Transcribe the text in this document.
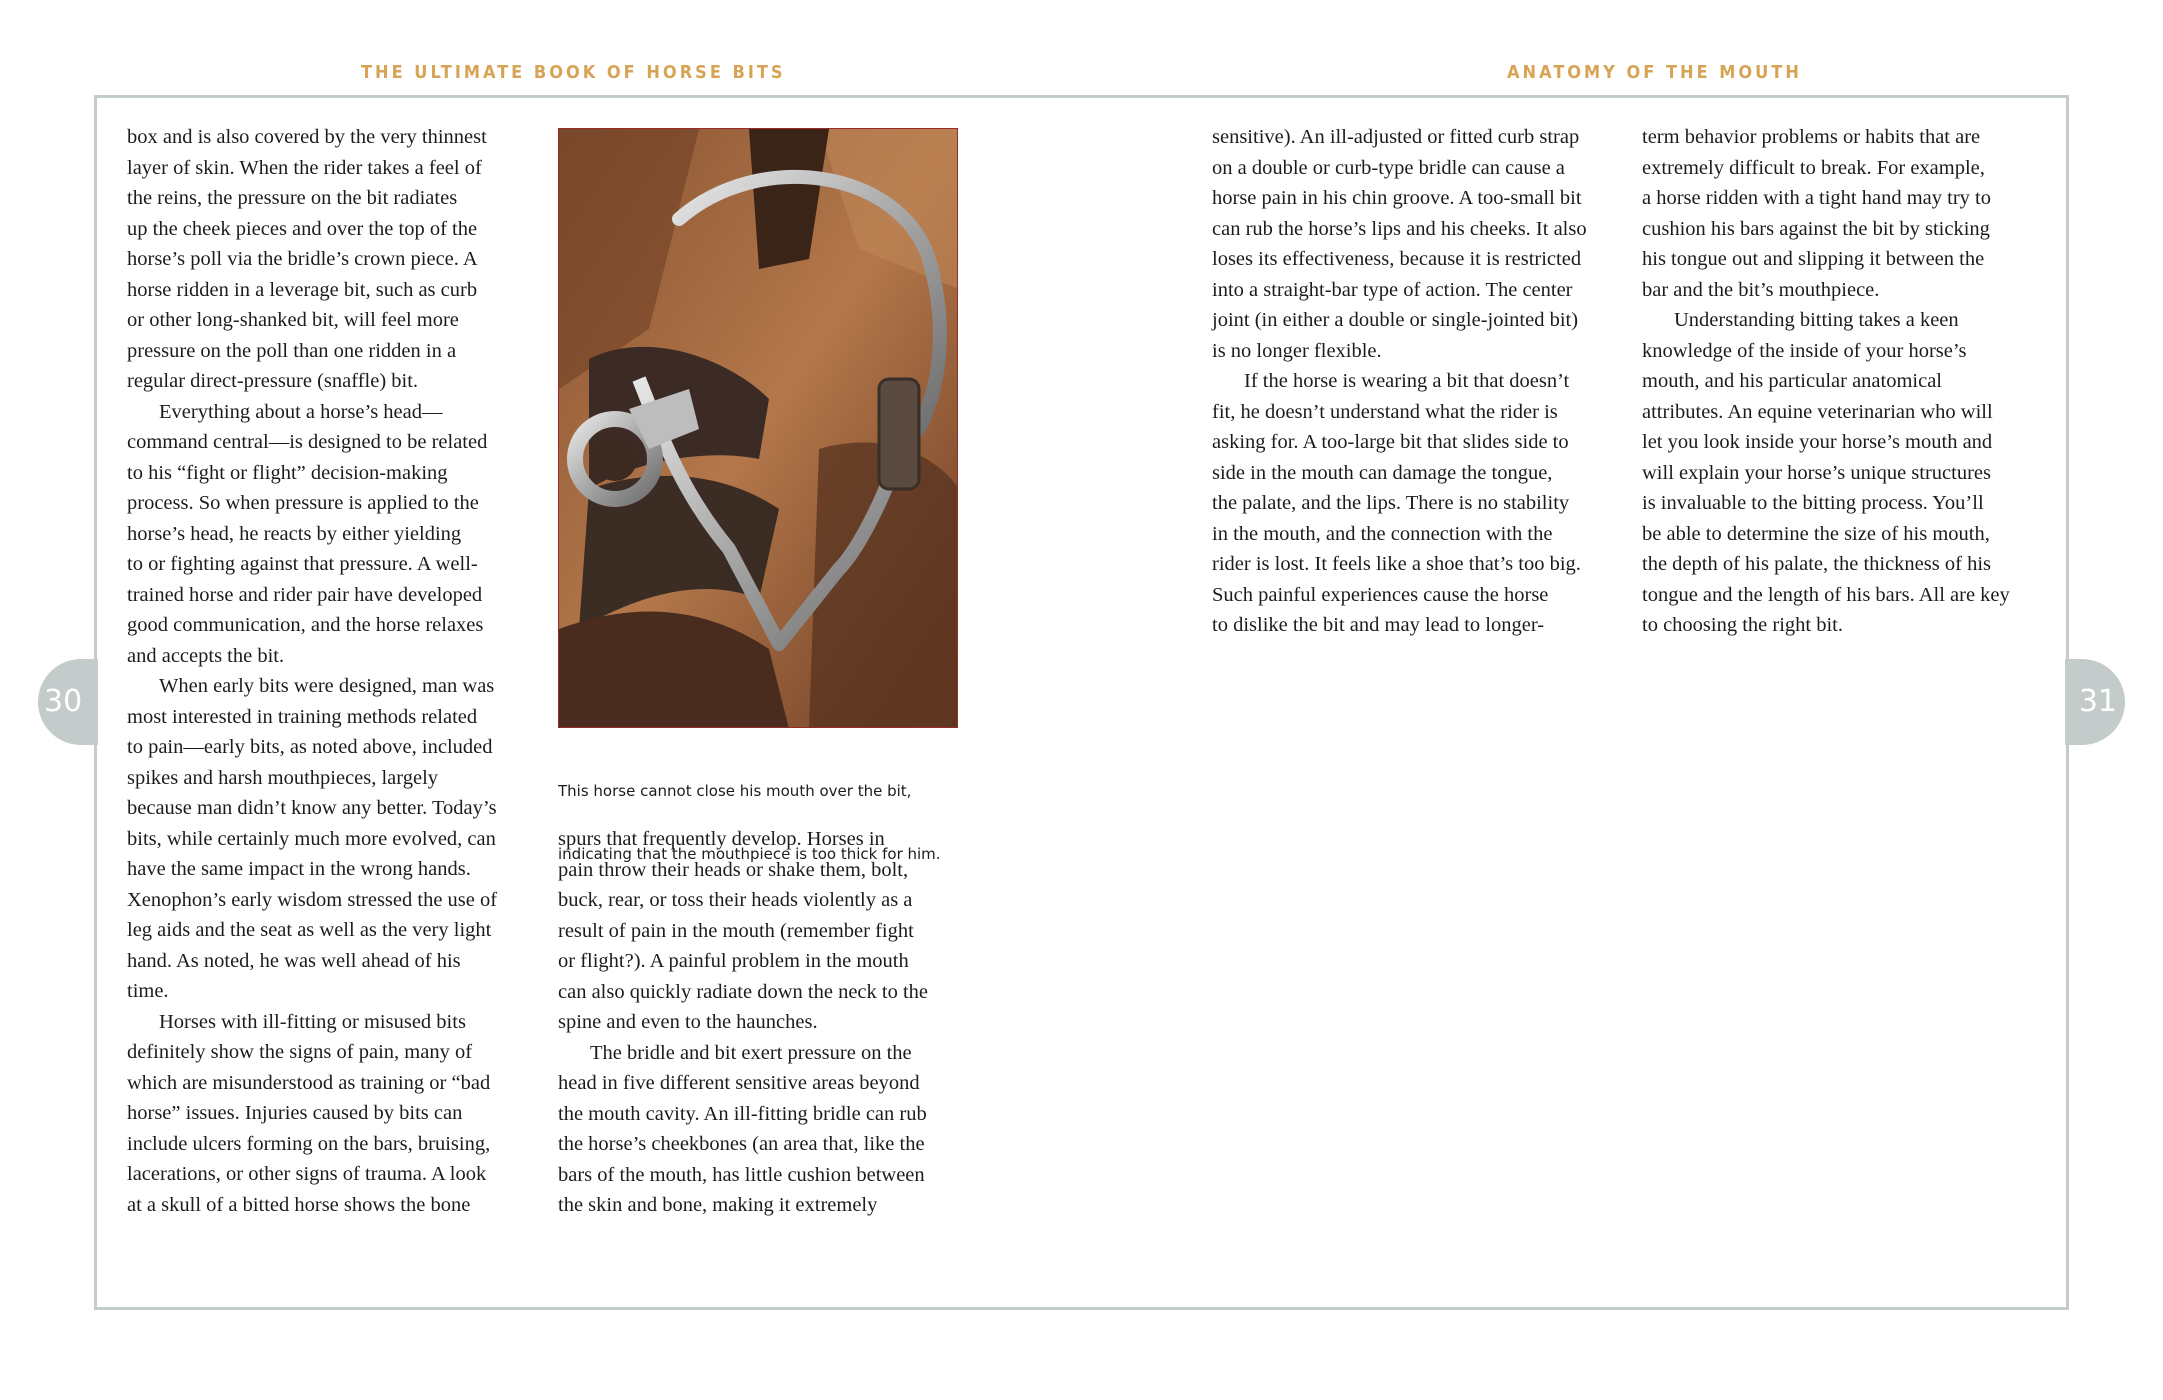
THE ULTIMATE BOOK OF HORSE BITS	ANATOMY OF THE MOUTH
30	31
box and is also covered by the very thinnest
layer of skin. When the rider takes a feel of
the reins, the pressure on the bit radiates
up the cheek pieces and over the top of the
horse’s poll via the bridle’s crown piece. A
horse ridden in a leverage bit, such as curb
or other long-shanked bit, will feel more
pressure on the poll than one ridden in a
regular direct-pressure (snaffle) bit.
Everything about a horse’s head—
command central—is designed to be related
to his “fight or flight” decision-making
process. So when pressure is applied to the
horse’s head, he reacts by either yielding
to or fighting against that pressure. A well-
trained horse and rider pair have developed
good communication, and the horse relaxes
and accepts the bit.
When early bits were designed, man was
most interested in training methods related
to pain—early bits, as noted above, included
spikes and harsh mouthpieces, largely
because man didn’t know any better. Today’s
bits, while certainly much more evolved, can
have the same impact in the wrong hands.
Xenophon’s early wisdom stressed the use of
leg aids and the seat as well as the very light
hand. As noted, he was well ahead of his
time.
Horses with ill-fitting or misused bits
definitely show the signs of pain, many of
which are misunderstood as training or “bad
horse” issues. Injuries caused by bits can
include ulcers forming on the bars, bruising,
lacerations, or other signs of trauma. A look
at a skull of a bitted horse shows the bone

This horse cannot close his mouth over the bit,

indicating that the mouthpiece is too thick for him.

spurs that frequently develop. Horses in
pain throw their heads or shake them, bolt,
buck, rear, or toss their heads violently as a
result of pain in the mouth (remember fight
or flight?). A painful problem in the mouth
can also quickly radiate down the neck to the
spine and even to the haunches.
The bridle and bit exert pressure on the
head in five different sensitive areas beyond
the mouth cavity. An ill-fitting bridle can rub
the horse’s cheekbones (an area that, like the
bars of the mouth, has little cushion between
the skin and bone, making it extremely
sensitive). An ill-adjusted or fitted curb strap
on a double or curb-type bridle can cause a
horse pain in his chin groove. A too-small bit
can rub the horse’s lips and his cheeks. It also
loses its effectiveness, because it is restricted
into a straight-bar type of action. The center
joint (in either a double or single-jointed bit)
is no longer flexible.
If the horse is wearing a bit that doesn’t
fit, he doesn’t understand what the rider is
asking for. A too-large bit that slides side to
side in the mouth can damage the tongue,
the palate, and the lips. There is no stability
in the mouth, and the connection with the
rider is lost. It feels like a shoe that’s too big.
Such painful experiences cause the horse
to dislike the bit and may lead to longer-
term behavior problems or habits that are
extremely difficult to break. For example,
a horse ridden with a tight hand may try to
cushion his bars against the bit by sticking
his tongue out and slipping it between the
bar and the bit’s mouthpiece.
Understanding bitting takes a keen
knowledge of the inside of your horse’s
mouth, and his particular anatomical
attributes. An equine veterinarian who will
let you look inside your horse’s mouth and
will explain your horse’s unique structures
is invaluable to the bitting process. You’ll
be able to determine the size of his mouth,
the depth of his palate, the thickness of his
tongue and the length of his bars. All are key
to choosing the right bit.
